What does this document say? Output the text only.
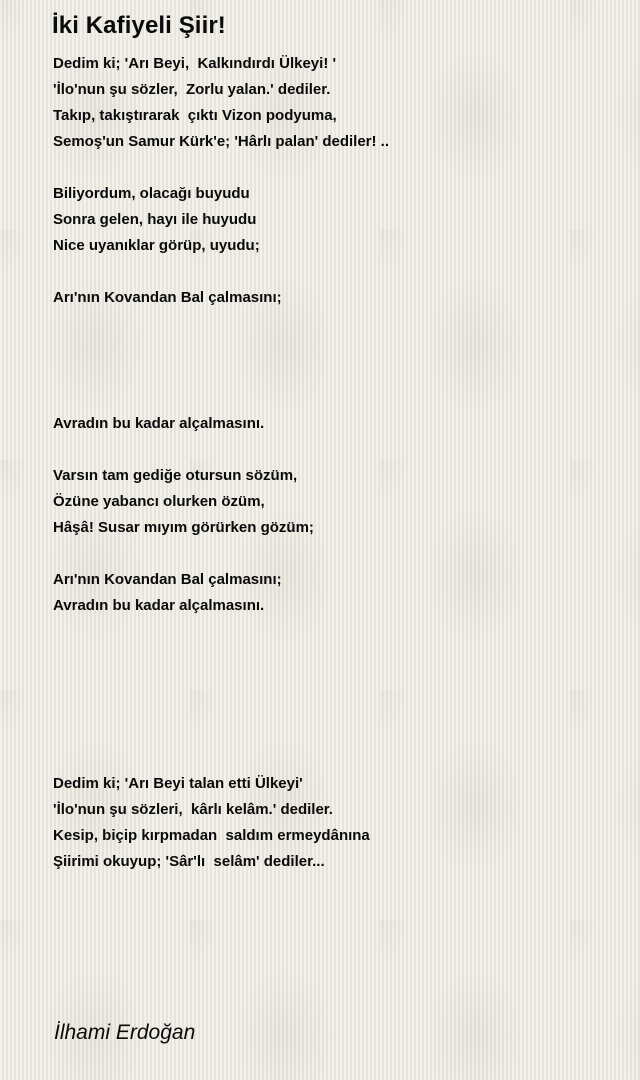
İki Kafiyeli Şiir!

Dedim ki; 'Arı Beyi,  Kalkındırdı Ülkeyi! '

'İlo'nun şu sözler,  Zorlu yalan.' dediler.

Takıp, takıştırarak  çıktı Vizon podyuma,

Semoş'un Samur Kürk'e; 'Hârlı palan' dediler! ..

Biliyordum, olacağı buyudu

Sonra gelen, hayı ile huyudu

Nice uyanıklar görüp, uyudu;

Arı'nın Kovandan Bal çalmasını;

Avradın bu kadar alçalmasını.

Varsın tam gediğe otursun sözüm,

Özüne yabancı olurken özüm,

Hâşâ! Susar mıyım görürken gözüm;

Arı'nın Kovandan Bal çalmasını;

Avradın bu kadar alçalmasını.

Dedim ki; 'Arı Beyi talan etti Ülkeyi'

'İlo'nun şu sözleri,  kârlı kelâm.' dediler.

Kesip, biçip kırpmadan  saldım ermeydânına

Şiirimi okuyup; 'Sâr'lı  selâm' dediler...

İlhami Erdoğan
